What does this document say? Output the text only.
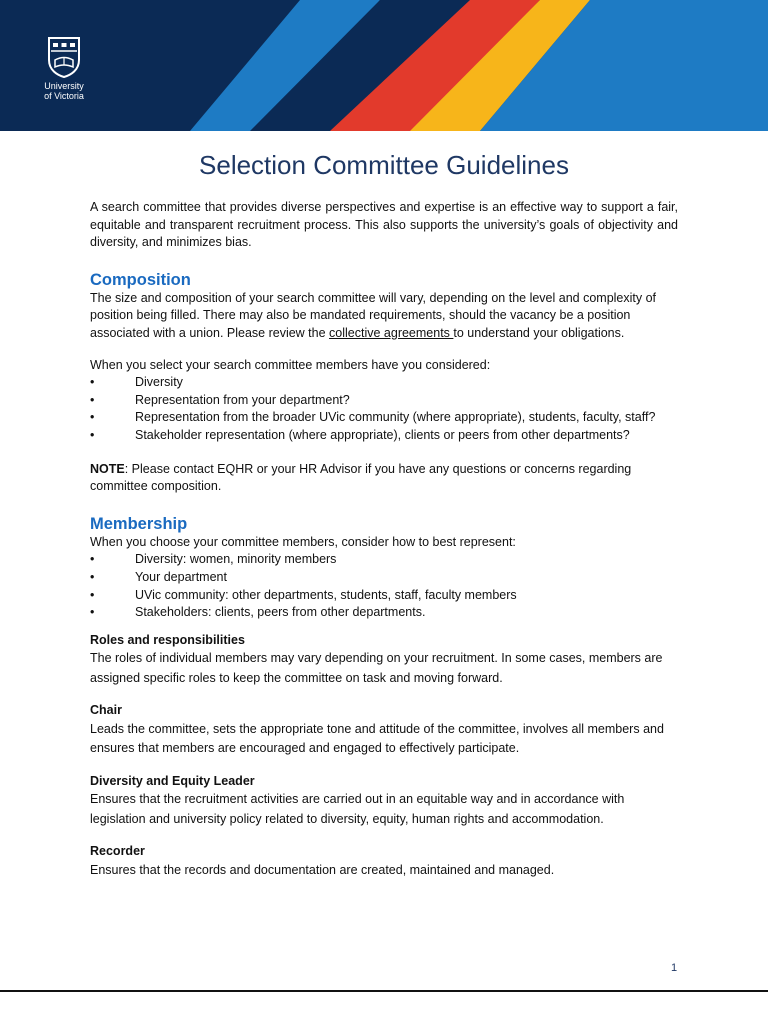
University
of Victoria
Selection Committee Guidelines

A search committee that provides diverse perspectives and expertise is an effective way to support a fair, equitable and transparent recruitment process. This also supports the university’s goals of objectivity and diversity, and minimizes bias.

Composition

The size and composition of your search committee will vary, depending on the level and complexity of position being filled. There may also be mandated requirements, should the vacancy be a position associated with a union. Please review the collective agreements to understand your obligations.

When you select your search committee members have you considered:

• Diversity
• Representation from your department?
• Representation from the broader UVic community (where appropriate), students, faculty, staff?
• Stakeholder representation (where appropriate), clients or peers from other departments?

NOTE: Please contact EQHR or your HR Advisor if you have any questions or concerns regarding committee composition.

Membership

When you choose your committee members, consider how to best represent:

• Diversity: women, minority members
• Your department
• UVic community: other departments, students, staff, faculty members
• Stakeholders: clients, peers from other departments.

Roles and responsibilities

The roles of individual members may vary depending on your recruitment. In some cases, members are assigned specific roles to keep the committee on task and moving forward.

Chair

Leads the committee, sets the appropriate tone and attitude of the committee, involves all members and ensures that members are encouraged and engaged to effectively participate.

Diversity and Equity Leader

Ensures that the recruitment activities are carried out in an equitable way and in accordance with legislation and university policy related to diversity, equity, human rights and accommodation.

Recorder

Ensures that the records and documentation are created, maintained and managed.

1
